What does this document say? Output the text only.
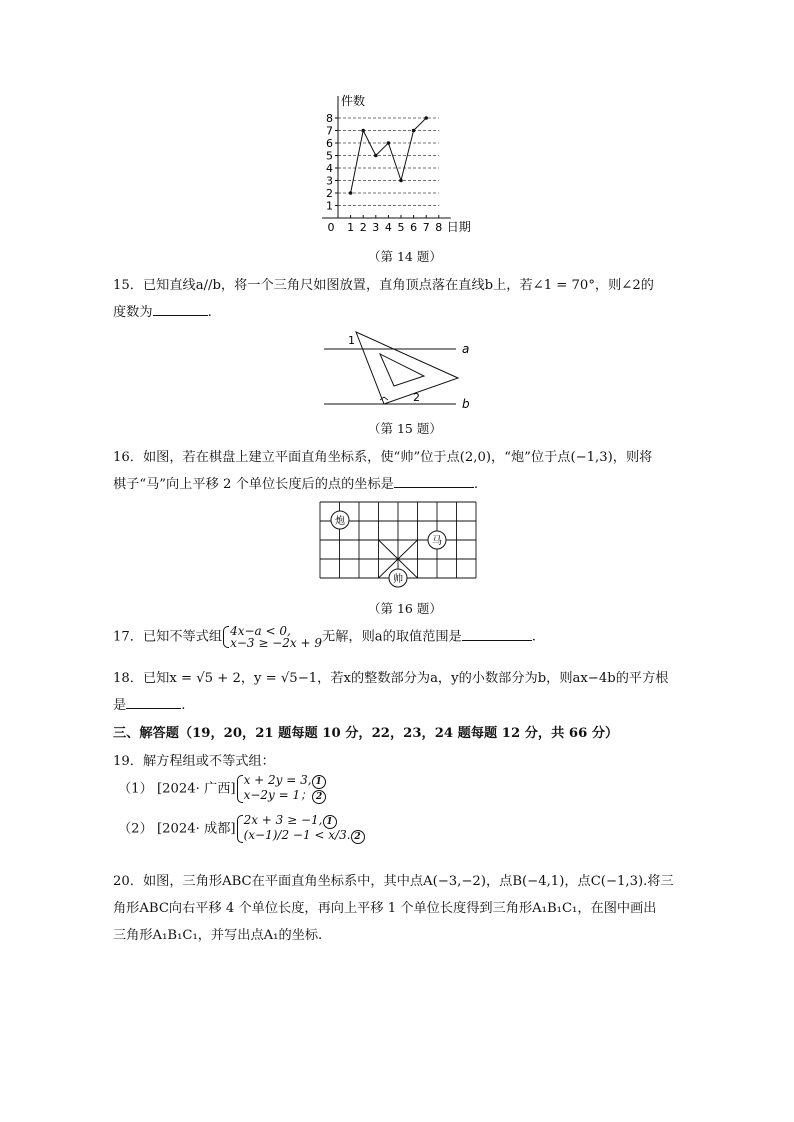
1
2
3
4
5
6
7
8
1 2 3 4 5 6 7 8
0
件数
日期
（第 14 题）
15．已知直线a//b，将一个三角尺如图放置，直角顶点落在直线b上，若∠1 = 70°，则∠2的
度数为	.
a
b
1
2
（第 15 题）
16．如图，若在棋盘上建立平面直角坐标系，使“帅”位于点(2,0)，“炮”位于点(−1,3)，则将
棋子“马”向上平移 2 个单位长度后的点的坐标是	.
炮
马
帅
（第 16 题）
17．已知不等式组 4x−a < 0,
x−3 ≥ −2x + 9无解，则a的取值范围是	.
18．已知x = √5 + 2，y = √5−1，若x的整数部分为a，y的小数部分为b，则ax−4b的平方根
是	.
三、解答题（19，20，21 题每题 10 分，22，23，24 题每题 12 分，共 66 分）
19．解方程组或不等式组：
（1） [2024· 广西]x + 2y = 3, 1
x−2y = 1； 2
（2） [2024· 成都]2x + 3 ≥ −1, 1
(x−1)/2 −1 < x/3. 2
20．如图，三角形ABC在平面直角坐标系中，其中点A(−3,−2)，点B(−4,1)，点C(−1,3).将三
角形ABC向右平移 4 个单位长度，再向上平移 1 个单位长度得到三角形A₁B₁C₁，在图中画出
三角形A₁B₁C₁，并写出点A₁的坐标.
